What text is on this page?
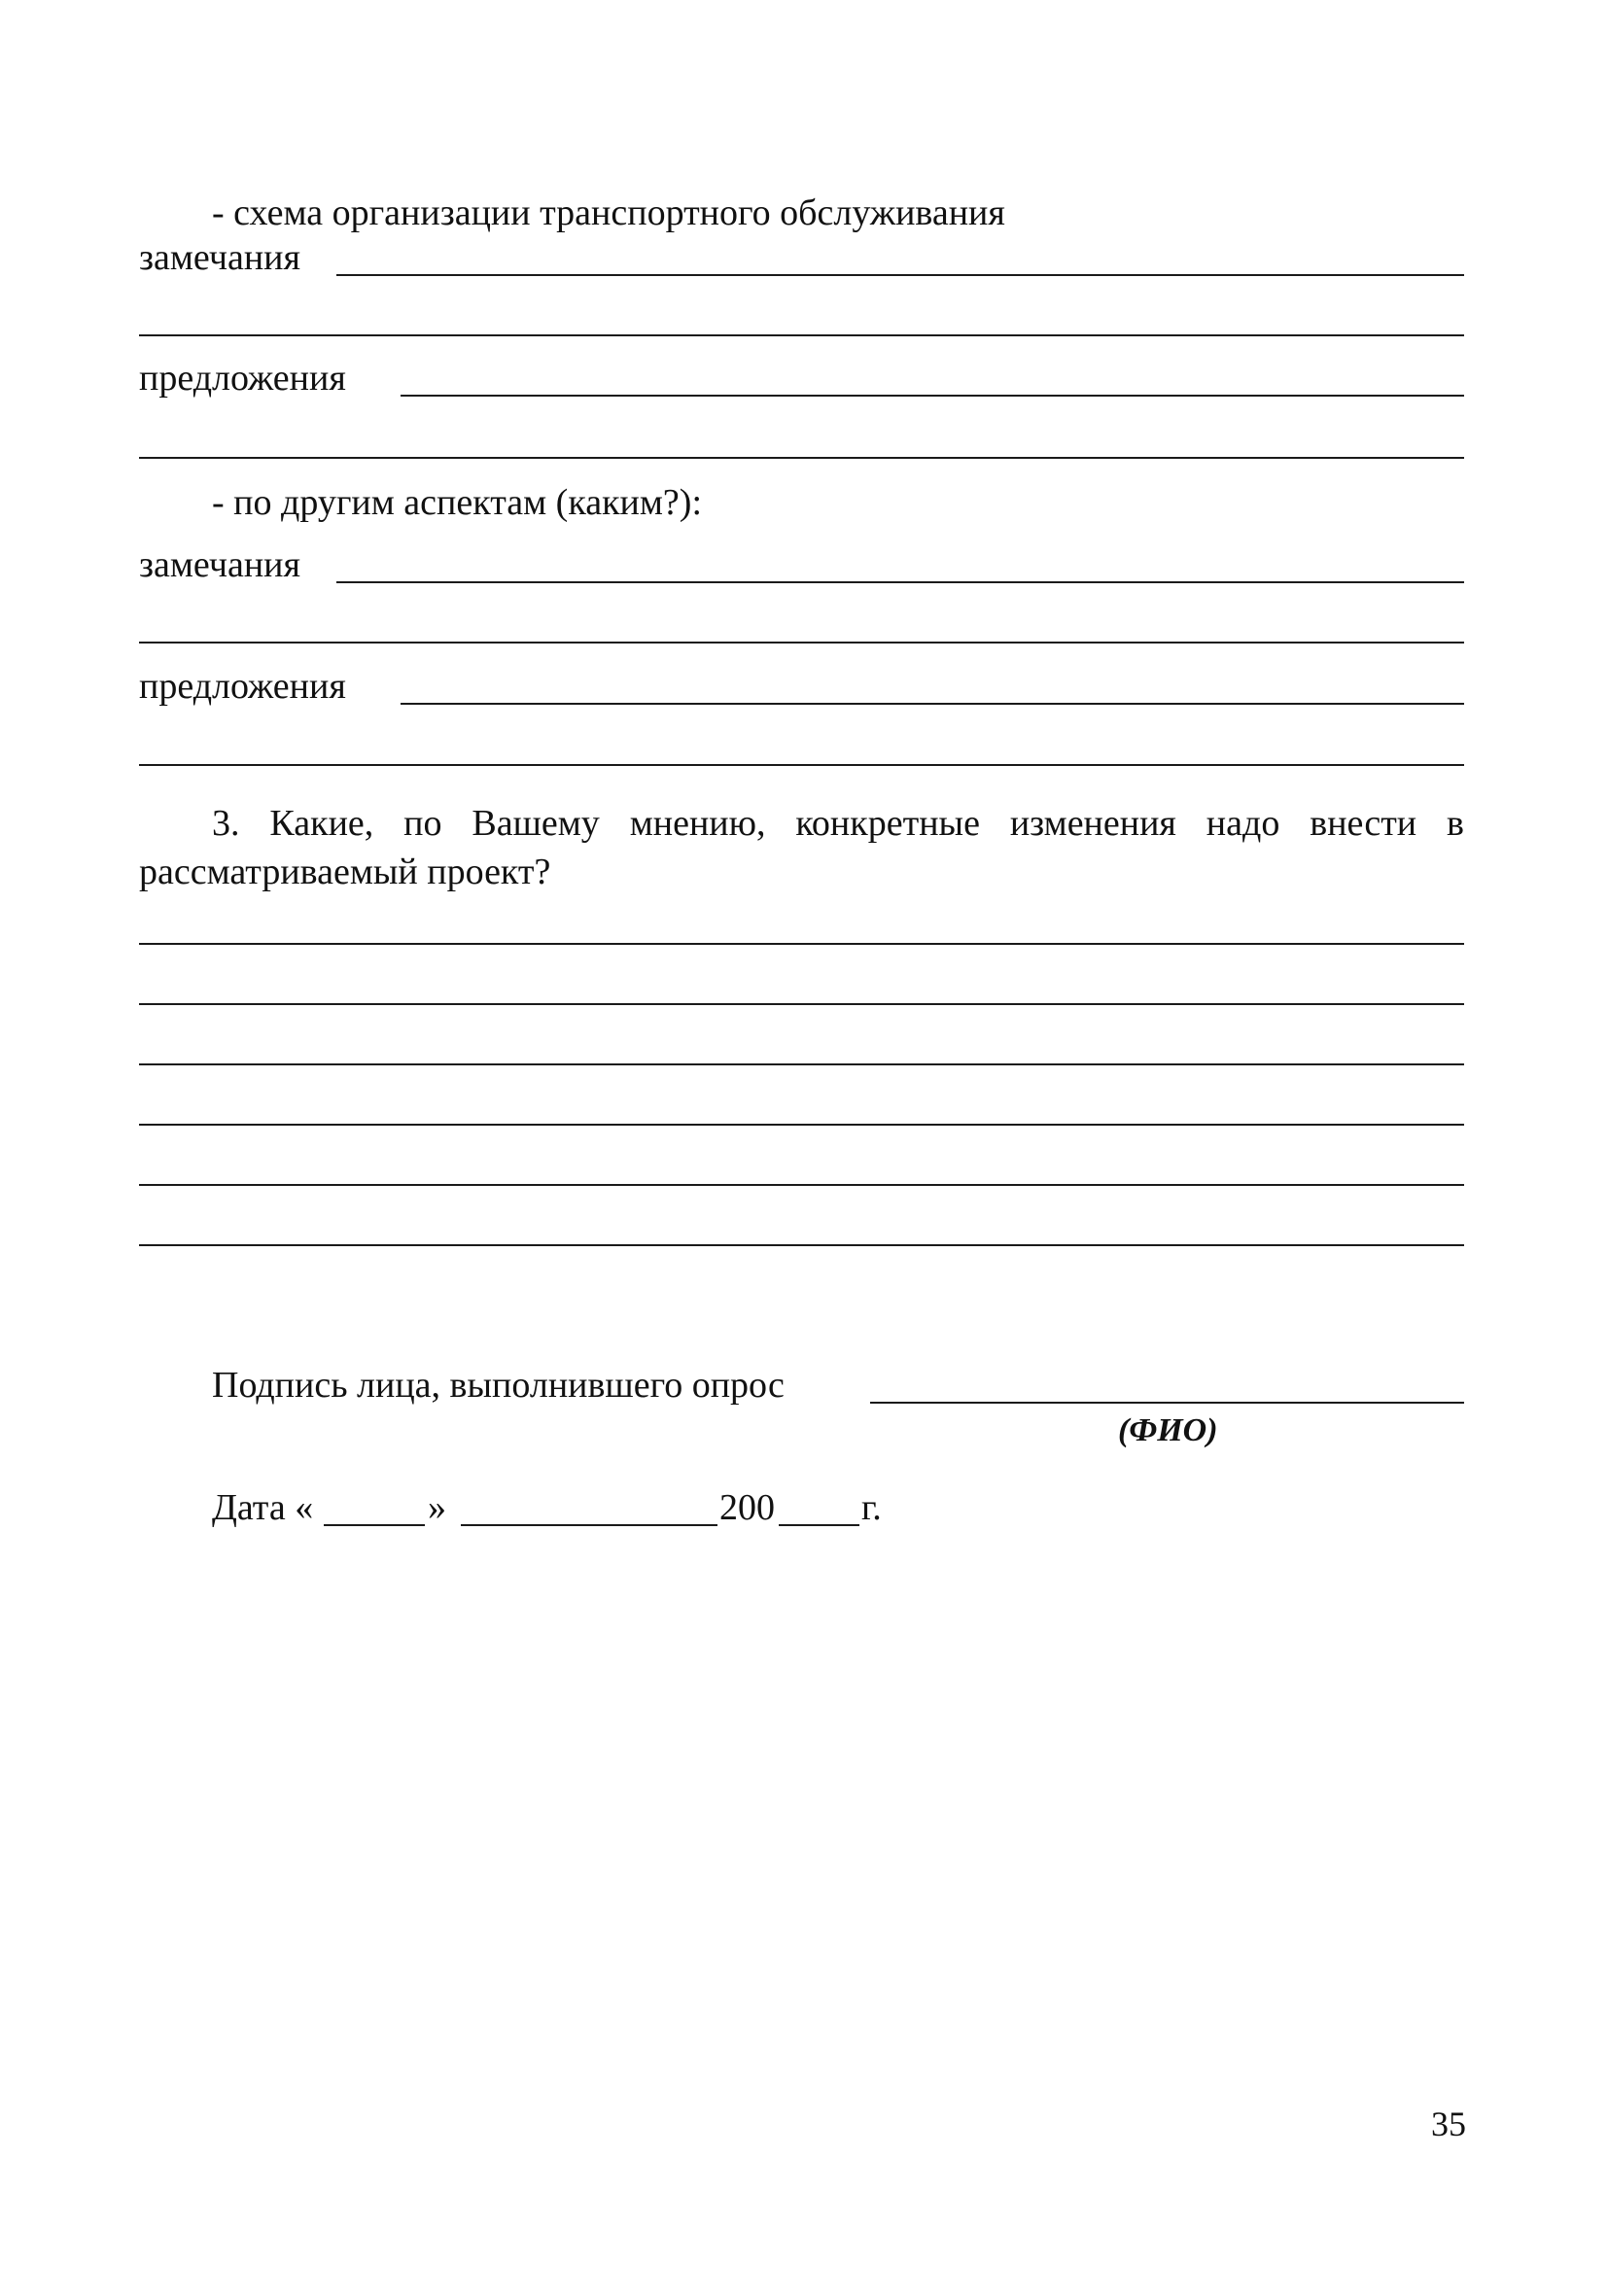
- схема организации транспортного обслуживания
замечания
предложения
- по другим аспектам (каким?):
замечания
предложения
3. Какие, по Вашему мнению, конкретные изменения надо внести в
рассматриваемый проект?
Подпись лица, выполнившего опрос
(ФИО)
Дата «	»	200 г.
35
